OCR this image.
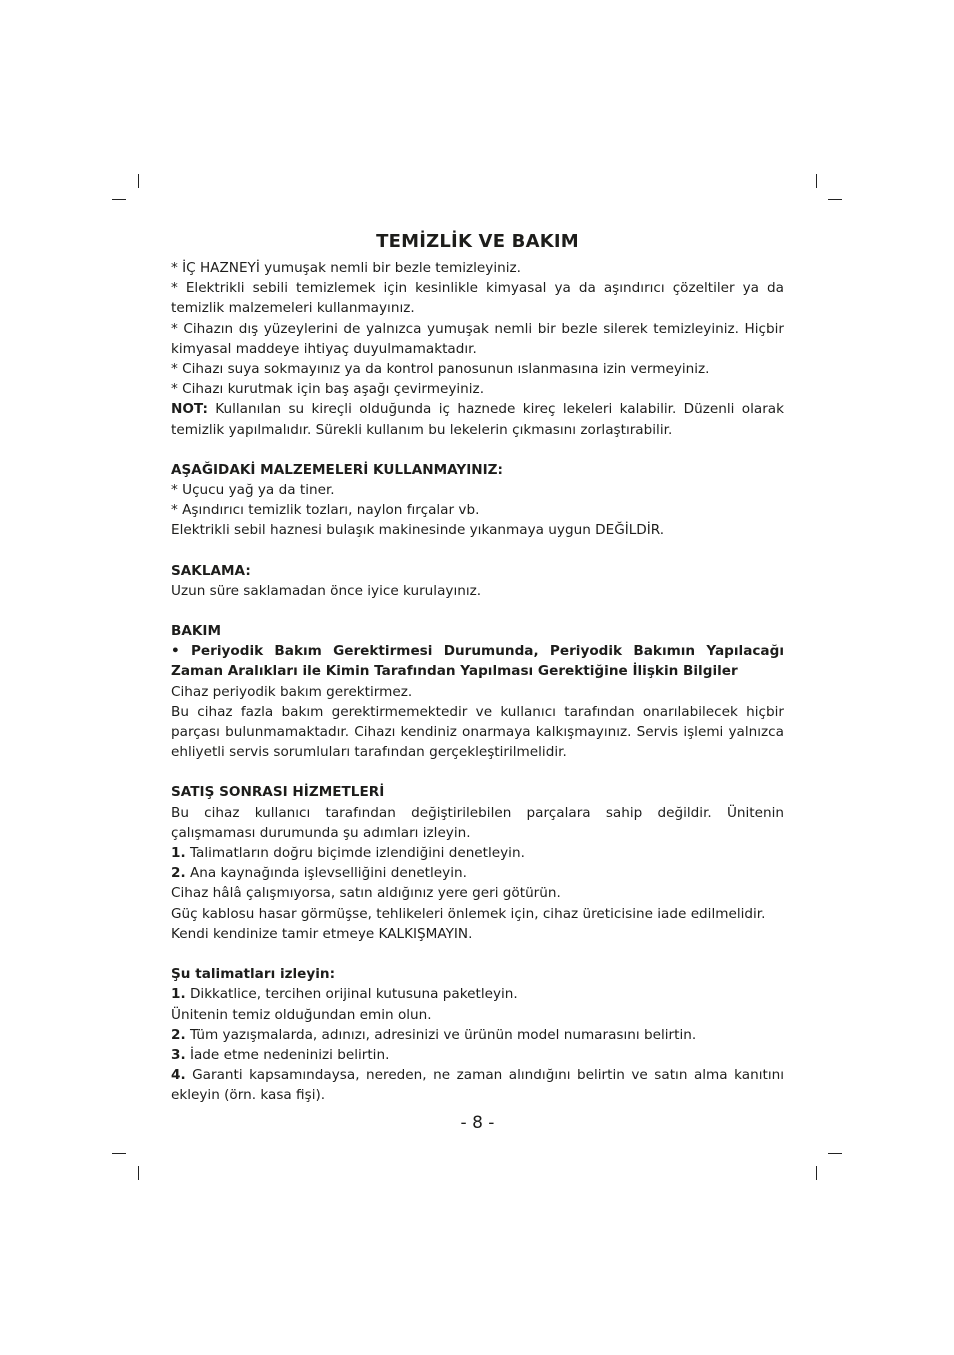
TEMİZLİK VE BAKIM

* İÇ HAZNEYİ yumuşak nemli bir bezle temizleyiniz.

* Elektrikli sebili temizlemek için kesinlikle kimyasal ya da aşındırıcı çözeltiler ya da temizlik malzemeleri kullanmayınız.

* Cihazın dış yüzeylerini de yalnızca yumuşak nemli bir bezle silerek temizleyiniz. Hiçbir kimyasal maddeye ihtiyaç duyulmamaktadır.

* Cihazı suya sokmayınız ya da kontrol panosunun ıslanmasına izin vermeyiniz.

* Cihazı kurutmak için baş aşağı çevirmeyiniz.

NOT: Kullanılan su kireçli olduğunda iç haznede kireç lekeleri kalabilir. Düzenli olarak temizlik yapılmalıdır. Sürekli kullanım bu lekelerin çıkmasını zorlaştırabilir.

AŞAĞIDAKİ MALZEMELERİ KULLANMAYINIZ:

* Uçucu yağ ya da tiner.

* Aşındırıcı temizlik tozları, naylon fırçalar vb.

Elektrikli sebil haznesi bulaşık makinesinde yıkanmaya uygun DEĞİLDİR.

SAKLAMA:

Uzun süre saklamadan önce iyice kurulayınız.

BAKIM

• Periyodik Bakım Gerektirmesi Durumunda, Periyodik Bakımın Yapılacağı Zaman Aralıkları ile Kimin Tarafından Yapılması Gerektiğine İlişkin Bilgiler

Cihaz periyodik bakım gerektirmez.

Bu cihaz fazla bakım gerektirmemektedir ve kullanıcı tarafından onarılabilecek hiçbir parçası bulunmamaktadır. Cihazı kendiniz onarmaya kalkışmayınız. Servis işlemi yalnızca ehliyetli servis sorumluları tarafından gerçekleştirilmelidir.

SATIŞ SONRASI HİZMETLERİ

Bu cihaz kullanıcı tarafından değiştirilebilen parçalara sahip değildir. Ünitenin çalışmaması durumunda şu adımları izleyin.

1. Talimatların doğru biçimde izlendiğini denetleyin.

2. Ana kaynağında işlevselliğini denetleyin.

Cihaz hâlâ çalışmıyorsa, satın aldığınız yere geri götürün.

Güç kablosu hasar görmüşse, tehlikeleri önlemek için, cihaz üreticisine iade edilmelidir.

Kendi kendinize tamir etmeye KALKIŞMAYIN.

Şu talimatları izleyin:

1. Dikkatlice, tercihen orijinal kutusuna paketleyin.

Ünitenin temiz olduğundan emin olun.

2. Tüm yazışmalarda, adınızı, adresinizi ve ürünün model numarasını belirtin.

3. İade etme nedeninizi belirtin.

4. Garanti kapsamındaysa, nereden, ne zaman alındığını belirtin ve satın alma kanıtını ekleyin (örn. kasa fişi).

- 8 -
